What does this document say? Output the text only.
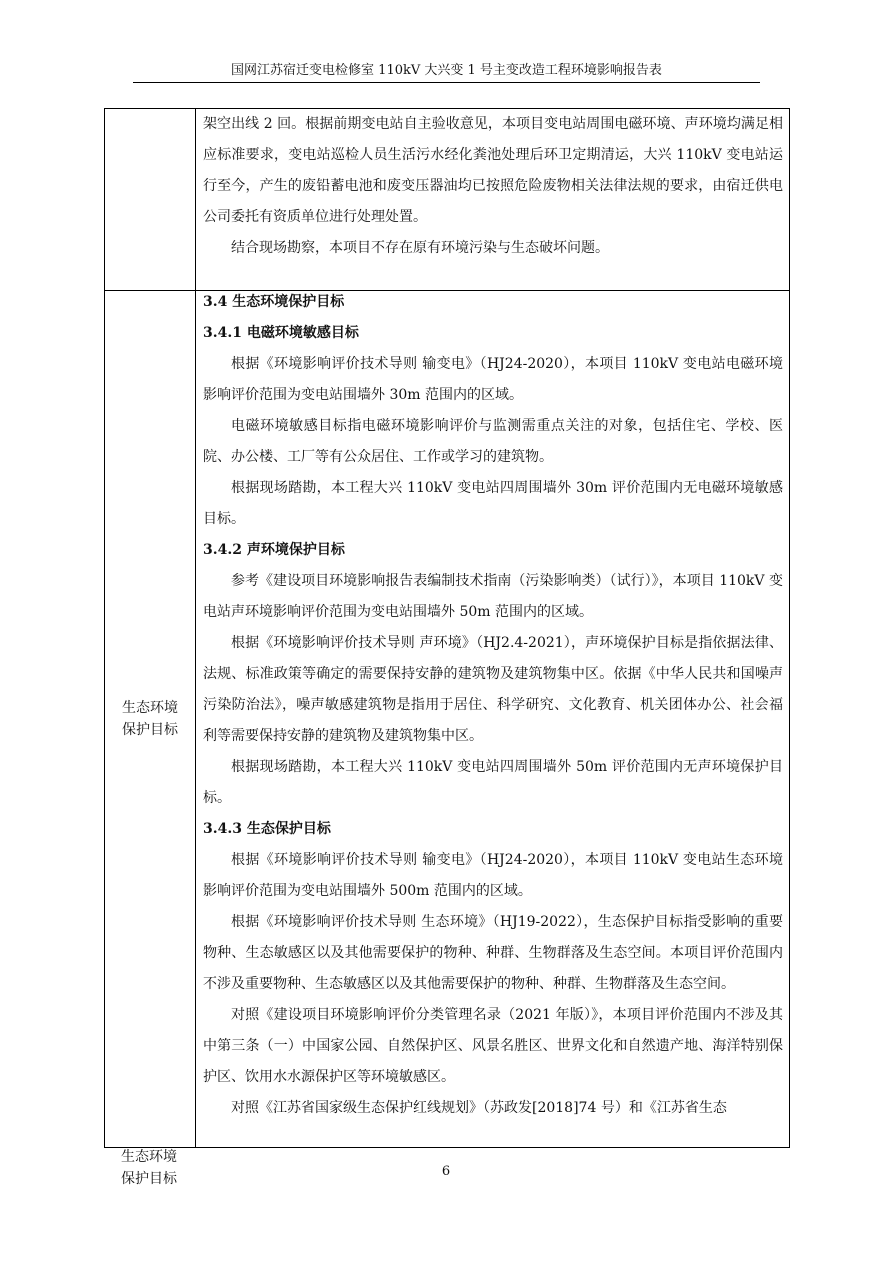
国网江苏宿迁变电检修室 110kV 大兴变 1 号主变改造工程环境影响报告表

架空出线 2 回。根据前期变电站自主验收意见，本项目变电站周围电磁环境、声环境均满足相应标准要求，变电站巡检人员生活污水经化粪池处理后环卫定期清运，大兴 110kV 变电站运行至今，产生的废铅蓄电池和废变压器油均已按照危险废物相关法律法规的要求，由宿迁供电公司委托有资质单位进行处理处置。

结合现场勘察，本项目不存在原有环境污染与生态破坏问题。

生态环境
保护目标
3.4 生态环境保护目标
3.4.1 电磁环境敏感目标

根据《环境影响评价技术导则 输变电》（HJ24-2020），本项目 110kV 变电站电磁环境影响评价范围为变电站围墙外 30m 范围内的区域。

电磁环境敏感目标指电磁环境影响评价与监测需重点关注的对象，包括住宅、学校、医院、办公楼、工厂等有公众居住、工作或学习的建筑物。

根据现场踏勘，本工程大兴 110kV 变电站四周围墙外 30m 评价范围内无电磁环境敏感目标。

3.4.2 声环境保护目标

参考《建设项目环境影响报告表编制技术指南（污染影响类）（试行）》，本项目 110kV 变电站声环境影响评价范围为变电站围墙外 50m 范围内的区域。

根据《环境影响评价技术导则 声环境》（HJ2.4-2021），声环境保护目标是指依据法律、法规、标准政策等确定的需要保持安静的建筑物及建筑物集中区。依据《中华人民共和国噪声污染防治法》，噪声敏感建筑物是指用于居住、科学研究、文化教育、机关团体办公、社会福利等需要保持安静的建筑物及建筑物集中区。

根据现场踏勘，本工程大兴 110kV 变电站四周围墙外 50m 评价范围内无声环境保护目标。

3.4.3 生态保护目标

根据《环境影响评价技术导则 输变电》（HJ24-2020），本项目 110kV 变电站生态环境影响评价范围为变电站围墙外 500m 范围内的区域。

根据《环境影响评价技术导则 生态环境》（HJ19-2022），生态保护目标指受影响的重要物种、生态敏感区以及其他需要保护的物种、种群、生物群落及生态空间。本项目评价范围内不涉及重要物种、生态敏感区以及其他需要保护的物种、种群、生物群落及生态空间。

对照《建设项目环境影响评价分类管理名录（2021 年版）》，本项目评价范围内不涉及其中第三条（一）中国家公园、自然保护区、风景名胜区、世界文化和自然遗产地、海洋特别保护区、饮用水水源保护区等环境敏感区。

对照《江苏省国家级生态保护红线规划》（苏政发[2018]74 号）和《江苏省生态

生态环境
保护目标	6
